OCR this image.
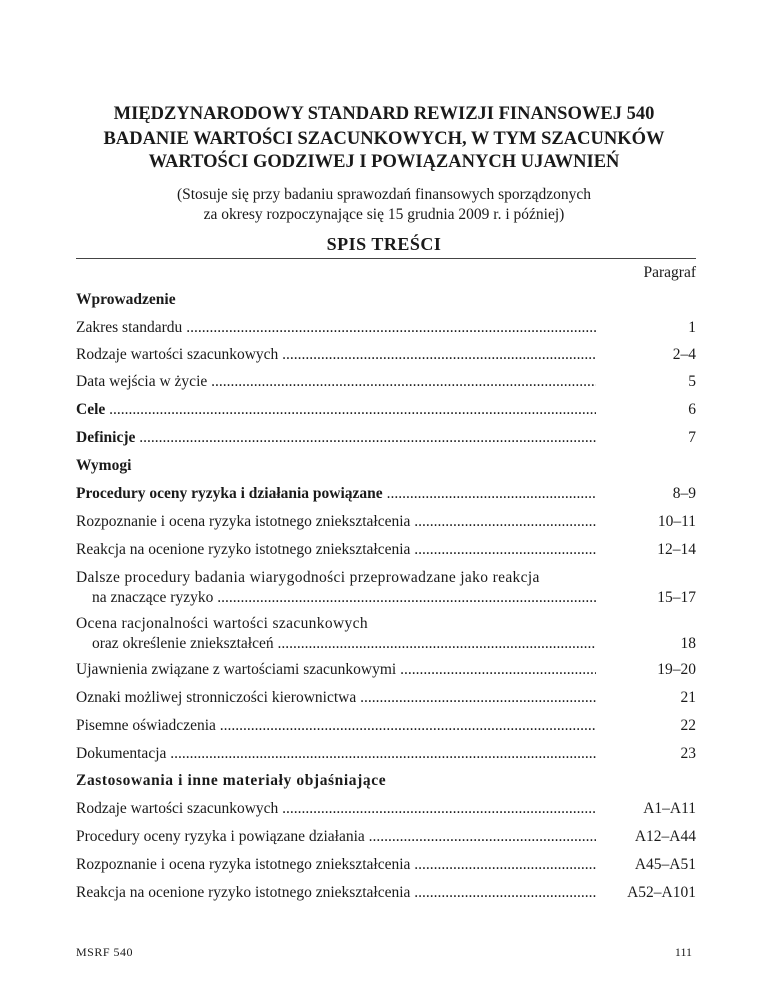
MIĘDZYNARODOWY STANDARD REWIZJI FINANSOWEJ 540
BADANIE WARTOŚCI SZACUNKOWYCH, W TYM SZACUNKÓW
WARTOŚCI GODZIWEJ I POWIĄZANYCH UJAWNIEŃ
(Stosuje się przy badaniu sprawozdań finansowych sporządzonych
za okresy rozpoczynające się 15 grudnia 2009 r. i później)
SPIS TREŚCI
Paragraf
Wprowadzenie
Zakres standardu .....	1
Rodzaje wartości szacunkowych .....	2–4
Data wejścia w życie .....	5
Cele .....	6
Definicje .....	7
Wymogi
Procedury oceny ryzyka i działania powiązane .....	8–9
Rozpoznanie i ocena ryzyka istotnego zniekształcenia .....	10–11
Reakcja na ocenione ryzyko istotnego zniekształcenia .....	12–14
Dalsze procedury badania wiarygodności przeprowadzane jako reakcja
na znaczące ryzyko .....	15–17
Ocena racjonalności wartości szacunkowych
oraz określenie zniekształceń .....	18
Ujawnienia związane z wartościami szacunkowymi .....	19–20
Oznaki możliwej stronniczości kierownictwa .....	21
Pisemne oświadczenia .....	22
Dokumentacja .....	23
Zastosowania i inne materiały objaśniające
Rodzaje wartości szacunkowych .....	A1–A11
Procedury oceny ryzyka i powiązane działania .....	A12–A44
Rozpoznanie i ocena ryzyka istotnego zniekształcenia .....	A45–A51
Reakcja na ocenione ryzyko istotnego zniekształcenia .....	A52–A101
MSRF 540	111
